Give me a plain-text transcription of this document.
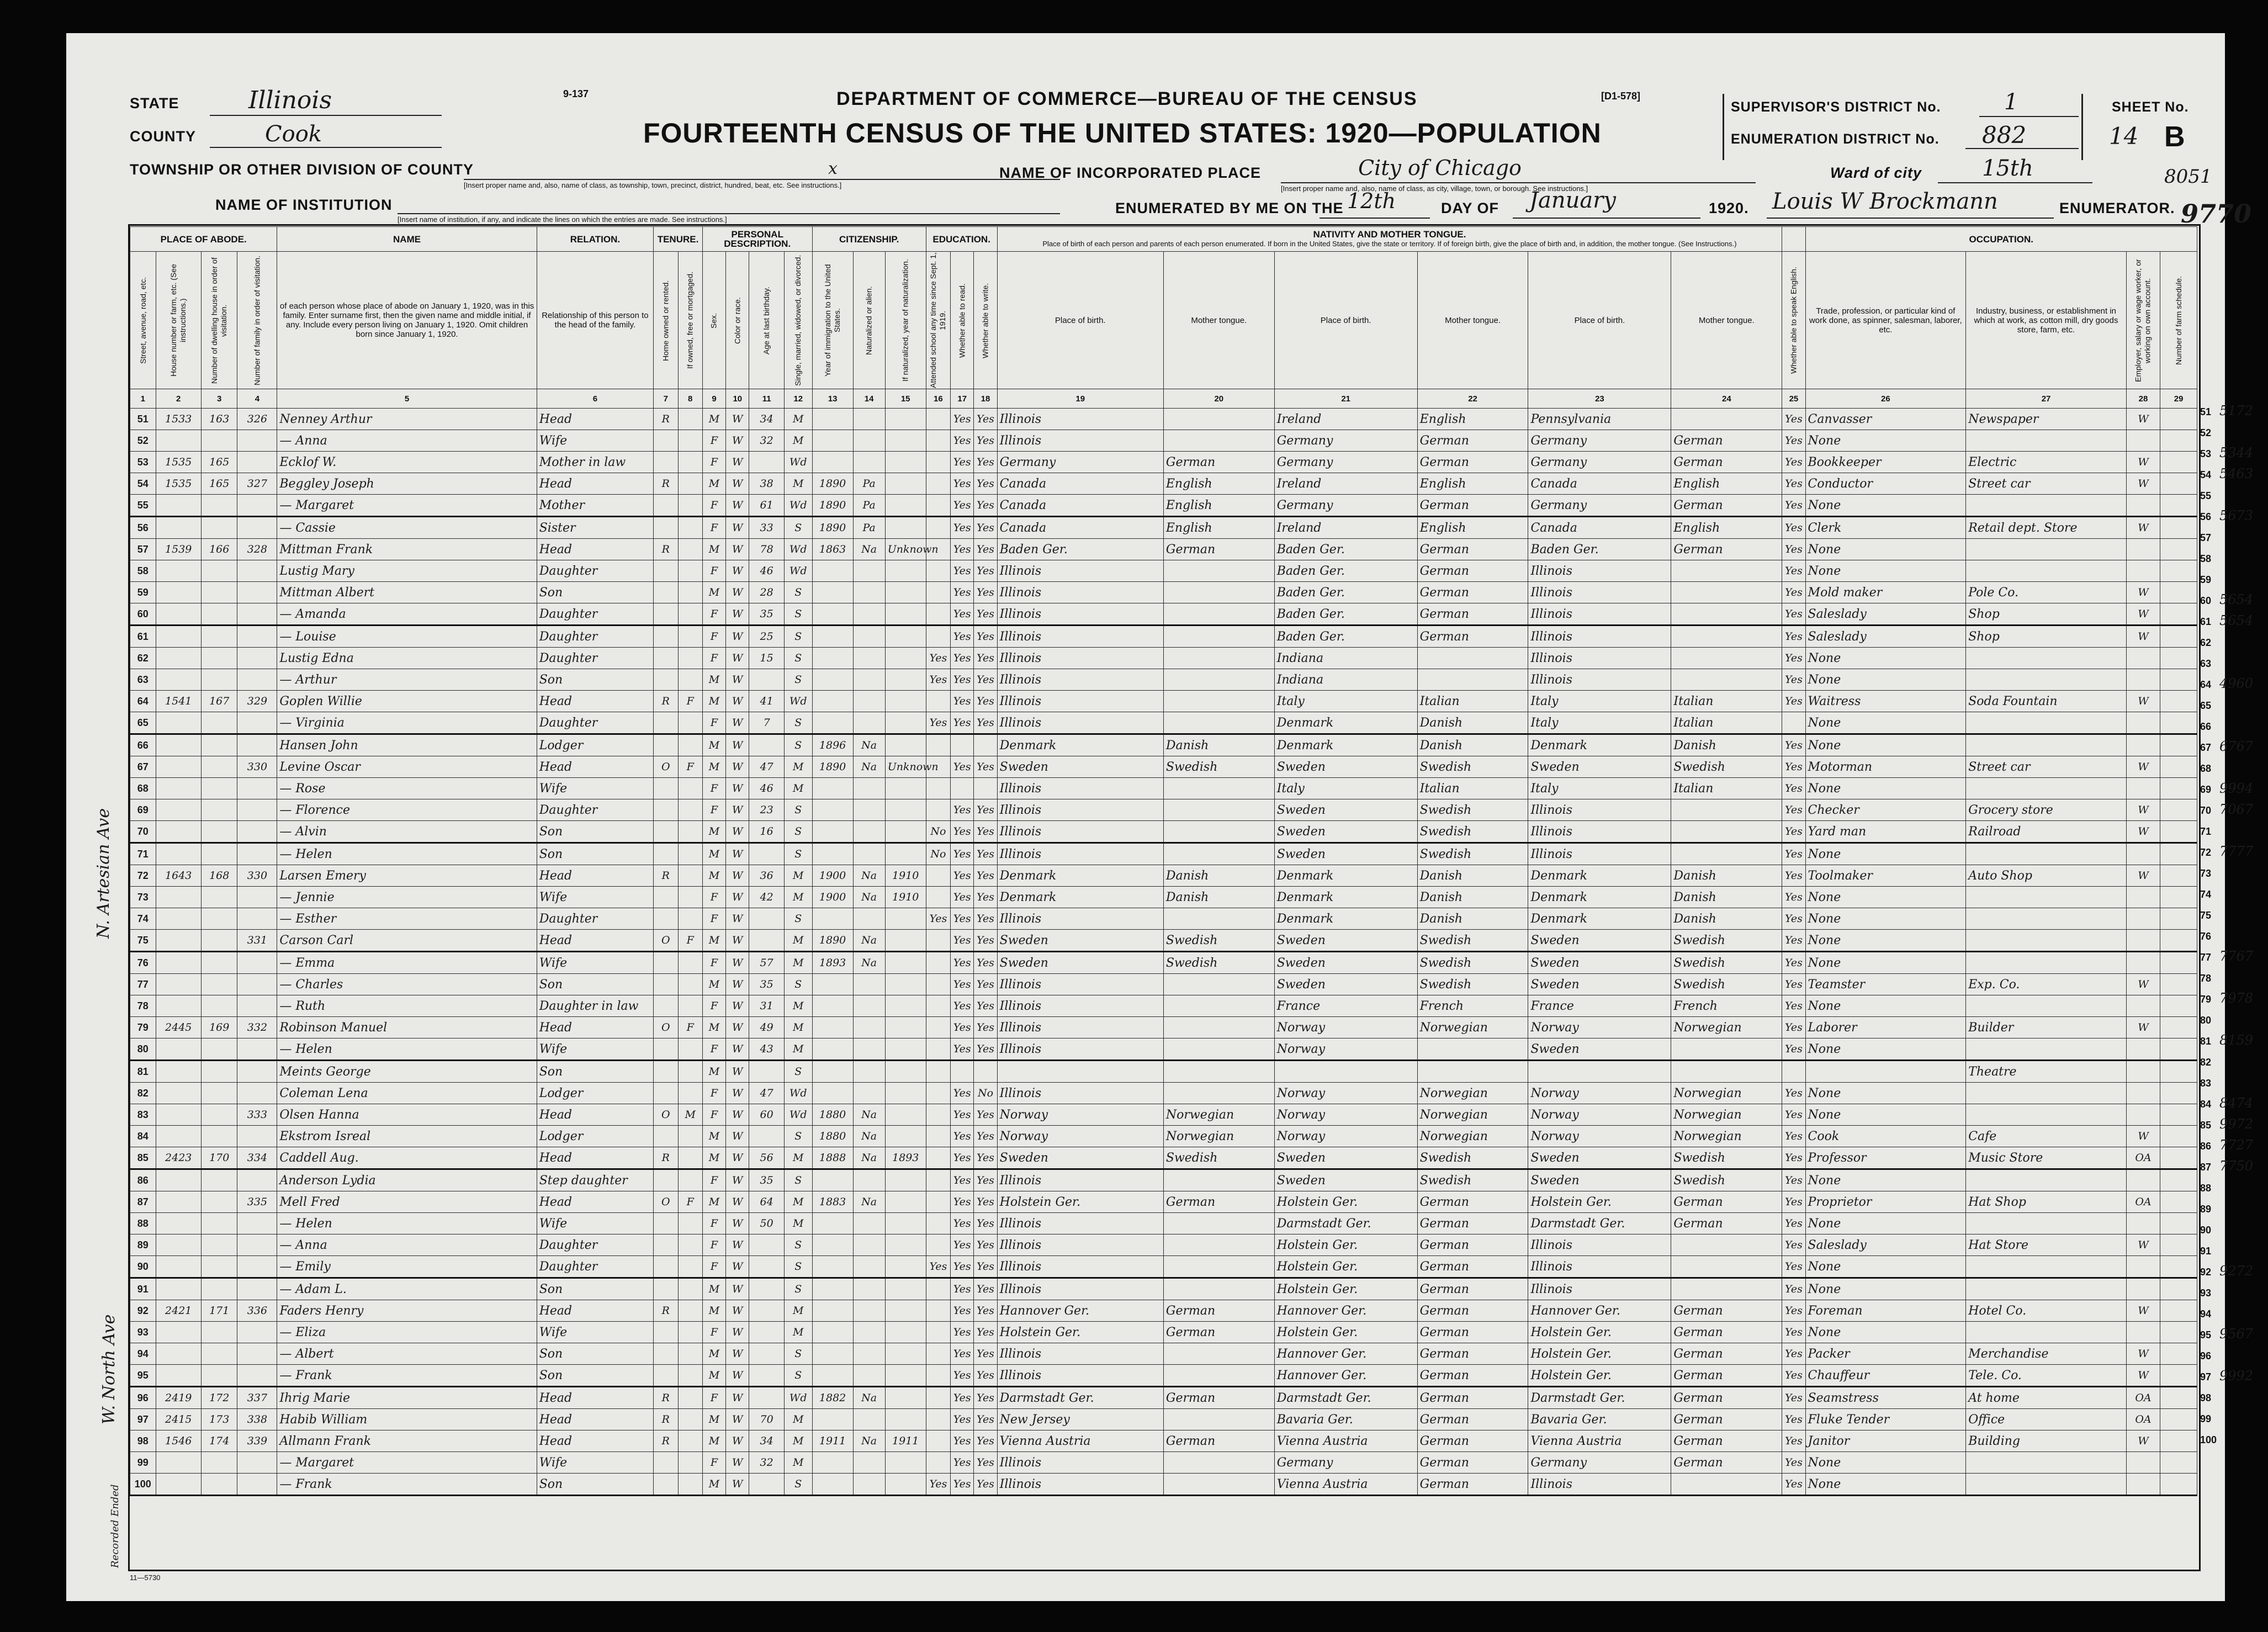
STATE	Illinois
COUNTY	Cook
TOWNSHIP OR OTHER DIVISION OF COUNTY	x
[Insert proper name and, also, name of class, as township, town, precinct, district, hundred, beat, etc. See instructions.]
NAME OF INSTITUTION
[Insert name of institution, if any, and indicate the lines on which the entries are made. See instructions.]
9-137	DEPARTMENT OF COMMERCE—BUREAU OF THE CENSUS	[D1-578]
FOURTEENTH CENSUS OF THE UNITED STATES: 1920—POPULATION
NAME OF INCORPORATED PLACE	City of Chicago
[Insert proper name and, also, name of class, as city, village, town, or borough. See instructions.]
ENUMERATED BY ME ON THE 12th	DAY OF January	1920. Louis W Brockmann	ENUMERATOR.
SUPERVISOR'S DISTRICT No.	1
ENUMERATION DISTRICT No. 882
SHEET No.
14 B
Ward of city	15th	8051
9770
PLACE OF ABODE.				NAME	RELATION.	TENURE.		PERSONAL DESCRIPTION.				CITIZENSHIP.			EDUCATION.			NATIVITY AND MOTHER TONGUE.
Place of birth of each person and parents of each person enumerated. If born in the United States, give the state or territory. If of foreign birth, give the place of birth and, in addition, the mother tongue. (See Instructions.)							OCCUPATION.			
Street, avenue, road, etc.	House number or farm, etc. (See instructions.)	Number of dwelling house in order of visitation.	Number of family in order of visitation.	of each person whose place of abode on January 1, 1920, was in this family. Enter surname first, then the given name and middle initial, if any. Include every person living on January 1, 1920. Omit children born since January 1, 1920.	Relationship of this person to the head of the family.	Home owned or rented.	If owned, free or mortgaged.	Sex.	Color or race.	Age at last birthday.	Single, married, widowed, or divorced.	Year of immigration to the United States.	Naturalized or alien.	If naturalized, year of naturalization.	Attended school any time since Sept. 1, 1919.	Whether able to read.	Whether able to write.	Place of birth.	Mother tongue.	Place of birth.	Mother tongue.	Place of birth.	Mother tongue.	Whether able to speak English.	Trade, profession, or particular kind of work done, as spinner, salesman, laborer, etc.	Industry, business, or establishment in which at work, as cotton mill, dry goods store, farm, etc.	Employer, salary or wage worker, or working on own account.	Number of farm schedule.
1	2	3	4	5	6	7	8	9	10	11	12	13	14	15	16	17	18	19	20	21	22	23	24	25	26	27	28	29
51	1533	163	326	Nenney Arthur	Head	R		M	W	34	M					Yes	Yes	Illinois		Ireland	English	Pennsylvania		Yes	Canvasser	Newspaper	W	
52				— Anna	Wife			F	W	32	M					Yes	Yes	Illinois		Germany	German	Germany	German	Yes	None			
53	1535	165		Ecklof W.	Mother in law			F	W		Wd					Yes	Yes	Germany	German	Germany	German	Germany	German	Yes	Bookkeeper	Electric	W	
54	1535	165	327	Beggley Joseph	Head	R		M	W	38	M	1890	Pa			Yes	Yes	Canada	English	Ireland	English	Canada	English	Yes	Conductor	Street car	W	
55				— Margaret	Mother			F	W	61	Wd	1890	Pa			Yes	Yes	Canada	English	Germany	German	Germany	German	Yes	None			
56				— Cassie	Sister			F	W	33	S	1890	Pa			Yes	Yes	Canada	English	Ireland	English	Canada	English	Yes	Clerk	Retail dept. Store	W	
57	1539	166	328	Mittman Frank	Head	R		M	W	78	Wd	1863	Na	Unknown		Yes	Yes	Baden Ger.	German	Baden Ger.	German	Baden Ger.	German	Yes	None			
58				Lustig Mary	Daughter			F	W	46	Wd					Yes	Yes	Illinois		Baden Ger.	German	Illinois		Yes	None			
59				Mittman Albert	Son			M	W	28	S					Yes	Yes	Illinois		Baden Ger.	German	Illinois		Yes	Mold maker	Pole Co.	W	
60				— Amanda	Daughter			F	W	35	S					Yes	Yes	Illinois		Baden Ger.	German	Illinois		Yes	Saleslady	Shop	W	
61				— Louise	Daughter			F	W	25	S					Yes	Yes	Illinois		Baden Ger.	German	Illinois		Yes	Saleslady	Shop	W	
62				Lustig Edna	Daughter			F	W	15	S				Yes	Yes	Yes	Illinois		Indiana		Illinois		Yes	None			
63				— Arthur	Son			M	W		S				Yes	Yes	Yes	Illinois		Indiana		Illinois		Yes	None			
64	1541	167	329	Goplen Willie	Head	R	F	M	W	41	Wd					Yes	Yes	Illinois		Italy	Italian	Italy	Italian	Yes	Waitress	Soda Fountain	W	
65				— Virginia	Daughter			F	W	7	S				Yes	Yes	Yes	Illinois		Denmark	Danish	Italy	Italian		None			
66				Hansen John	Lodger			M	W		S	1896	Na					Denmark	Danish	Denmark	Danish	Denmark	Danish	Yes	None			
67			330	Levine Oscar	Head	O	F	M	W	47	M	1890	Na	Unknown		Yes	Yes	Sweden	Swedish	Sweden	Swedish	Sweden	Swedish	Yes	Motorman	Street car	W	
68				— Rose	Wife			F	W	46	M							Illinois		Italy	Italian	Italy	Italian	Yes	None			
69				— Florence	Daughter			F	W	23	S					Yes	Yes	Illinois		Sweden	Swedish	Illinois		Yes	Checker	Grocery store	W	
70				— Alvin	Son			M	W	16	S				No	Yes	Yes	Illinois		Sweden	Swedish	Illinois		Yes	Yard man	Railroad	W	
71				— Helen	Son			M	W		S				No	Yes	Yes	Illinois		Sweden	Swedish	Illinois		Yes	None			
72	1643	168	330	Larsen Emery	Head	R		M	W	36	M	1900	Na	1910		Yes	Yes	Denmark	Danish	Denmark	Danish	Denmark	Danish	Yes	Toolmaker	Auto Shop	W	
73				— Jennie	Wife			F	W	42	M	1900	Na	1910		Yes	Yes	Denmark	Danish	Denmark	Danish	Denmark	Danish	Yes	None			
74				— Esther	Daughter			F	W		S				Yes	Yes	Yes	Illinois		Denmark	Danish	Denmark	Danish	Yes	None			
75			331	Carson Carl	Head	O	F	M	W		M	1890	Na			Yes	Yes	Sweden	Swedish	Sweden	Swedish	Sweden	Swedish	Yes	None			
76				— Emma	Wife			F	W	57	M	1893	Na			Yes	Yes	Sweden	Swedish	Sweden	Swedish	Sweden	Swedish	Yes	None			
77				— Charles	Son			M	W	35	S					Yes	Yes	Illinois		Sweden	Swedish	Sweden	Swedish	Yes	Teamster	Exp. Co.	W	
78				— Ruth	Daughter in law			F	W	31	M					Yes	Yes	Illinois		France	French	France	French	Yes	None			
79	2445	169	332	Robinson Manuel	Head	O	F	M	W	49	M					Yes	Yes	Illinois		Norway	Norwegian	Norway	Norwegian	Yes	Laborer	Builder	W	
80				— Helen	Wife			F	W	43	M					Yes	Yes	Illinois		Norway		Sweden		Yes	None			
81				Meints George	Son			M	W		S															Theatre		
82				Coleman Lena	Lodger			F	W	47	Wd					Yes	No	Illinois		Norway	Norwegian	Norway	Norwegian	Yes	None			
83			333	Olsen Hanna	Head	O	M	F	W	60	Wd	1880	Na			Yes	Yes	Norway	Norwegian	Norway	Norwegian	Norway	Norwegian	Yes	None			
84				Ekstrom Isreal	Lodger			M	W		S	1880	Na			Yes	Yes	Norway	Norwegian	Norway	Norwegian	Norway	Norwegian	Yes	Cook	Cafe	W	
85	2423	170	334	Caddell Aug.	Head	R		M	W	56	M	1888	Na	1893		Yes	Yes	Sweden	Swedish	Sweden	Swedish	Sweden	Swedish	Yes	Professor	Music Store	OA	
86				Anderson Lydia	Step daughter			F	W	35	S					Yes	Yes	Illinois		Sweden	Swedish	Sweden	Swedish	Yes	None			
87			335	Mell Fred	Head	O	F	M	W	64	M	1883	Na			Yes	Yes	Holstein Ger.	German	Holstein Ger.	German	Holstein Ger.	German	Yes	Proprietor	Hat Shop	OA	
88				— Helen	Wife			F	W	50	M					Yes	Yes	Illinois		Darmstadt Ger.	German	Darmstadt Ger.	German	Yes	None			
89				— Anna	Daughter			F	W		S					Yes	Yes	Illinois		Holstein Ger.	German	Illinois		Yes	Saleslady	Hat Store	W	
90				— Emily	Daughter			F	W		S				Yes	Yes	Yes	Illinois		Holstein Ger.	German	Illinois		Yes	None			
91				— Adam L.	Son			M	W		S					Yes	Yes	Illinois		Holstein Ger.	German	Illinois		Yes	None			
92	2421	171	336	Faders Henry	Head	R		M	W		M					Yes	Yes	Hannover Ger.	German	Hannover Ger.	German	Hannover Ger.	German	Yes	Foreman	Hotel Co.	W	
93				— Eliza	Wife			F	W		M					Yes	Yes	Holstein Ger.	German	Holstein Ger.	German	Holstein Ger.	German	Yes	None			
94				— Albert	Son			M	W		S					Yes	Yes	Illinois		Hannover Ger.	German	Holstein Ger.	German	Yes	Packer	Merchandise	W	
95				— Frank	Son			M	W		S					Yes	Yes	Illinois		Hannover Ger.	German	Holstein Ger.	German	Yes	Chauffeur	Tele. Co.	W	
96	2419	172	337	Ihrig Marie	Head	R		F	W		Wd	1882	Na			Yes	Yes	Darmstadt Ger.	German	Darmstadt Ger.	German	Darmstadt Ger.	German	Yes	Seamstress	At home	OA	
97	2415	173	338	Habib William	Head	R		M	W	70	M					Yes	Yes	New Jersey		Bavaria Ger.	German	Bavaria Ger.	German	Yes	Fluke Tender	Office	OA	
98	1546	174	339	Allmann Frank	Head	R		M	W	34	M	1911	Na	1911		Yes	Yes	Vienna Austria	German	Vienna Austria	German	Vienna Austria	German	Yes	Janitor	Building	W	
99				— Margaret	Wife			F	W	32	M					Yes	Yes	Illinois		Germany	German	Germany	German	Yes	None			
100				— Frank	Son			M	W		S				Yes	Yes	Yes	Illinois		Vienna Austria	German	Illinois		Yes	None			
N. Artesian Ave
W. North Ave
Recorded Ended
11—5730
51 5172
52
53 5344
54 5463
55
56 5673
57
58
59
60 5654
61 5654
62
63
64 4960
65
66
67 6767
68
69 9994
70 7067
71
72 7777
73
74
75
76
77 7767
78
79 7978
80
81 8159
82
83
84 8474
85 9972
86 7727
87 7750
88
89
90
91
92 9272
93
94
95 9567
96
97 9992
98
99
100
